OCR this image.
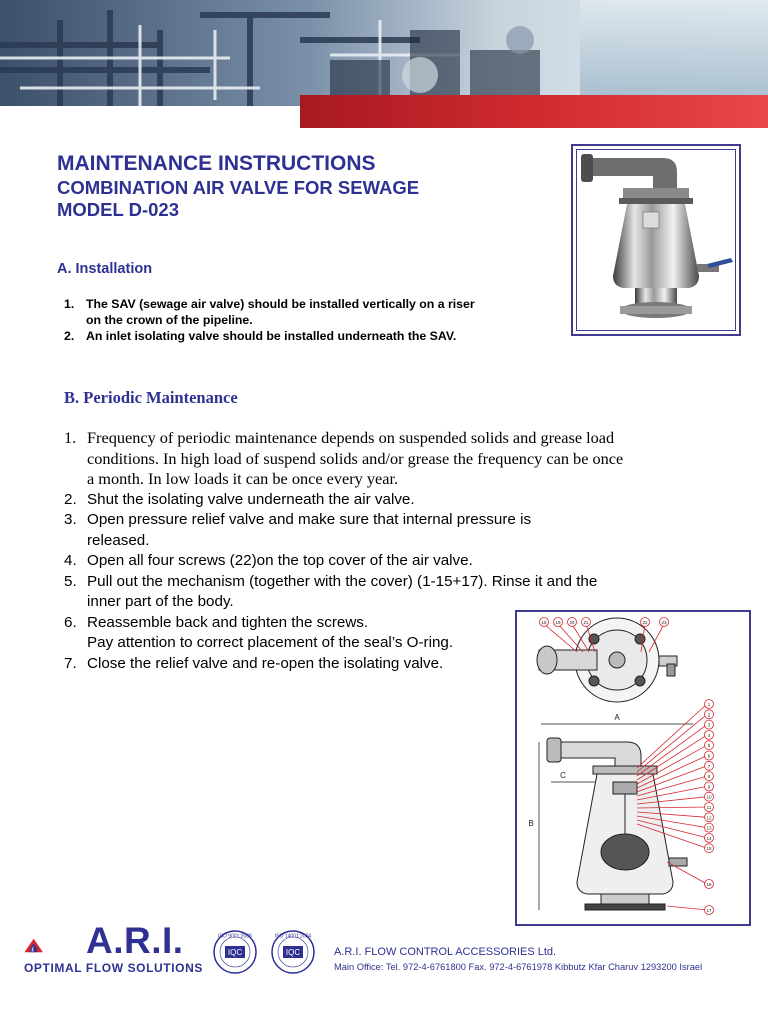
MAINTENANCE INSTRUCTIONS

COMBINATION AIR VALVE FOR SEWAGE

MODEL D-023

A. Installation
1. The SAV (sewage air valve) should be installed vertically on a riser on the crown of the pipeline.
2. An inlet isolating valve should be installed underneath the SAV.
B. Periodic Maintenance
1. Frequency of periodic maintenance depends on suspended solids and grease load conditions. In high load of suspend solids and/or grease the frequency can be once a month. In low loads it can be once every year.
2. Shut the isolating valve underneath the air valve.
3. Open pressure relief valve and make sure that internal pressure is released.
4. Open all four screws (22)on the top cover of the air valve.
5. Pull out the mechanism (together with the cover) (1-15+17). Rinse it and the inner part of the body.
6. Reassemble back and tighten the screws.
Pay attention to correct placement of the seal’s O-ring.
7. Close the relief valve and re-open the isolating valve.
18 19 20 21	22	23
1
2
3
4
5
6
7
8
9
10
11
12
13
14
15
16
17
A
B
C
A.R.I.
OPTIMAL FLOW SOLUTIONS
IQC
ISO 9001:2008
IQC
ISO 14001:2004
A.R.I. FLOW CONTROL ACCESSORIES Ltd.
Main Office: Tel. 972-4-6761800 Fax. 972-4-6761978 Kibbutz Kfar Charuv 1293200 Israel
